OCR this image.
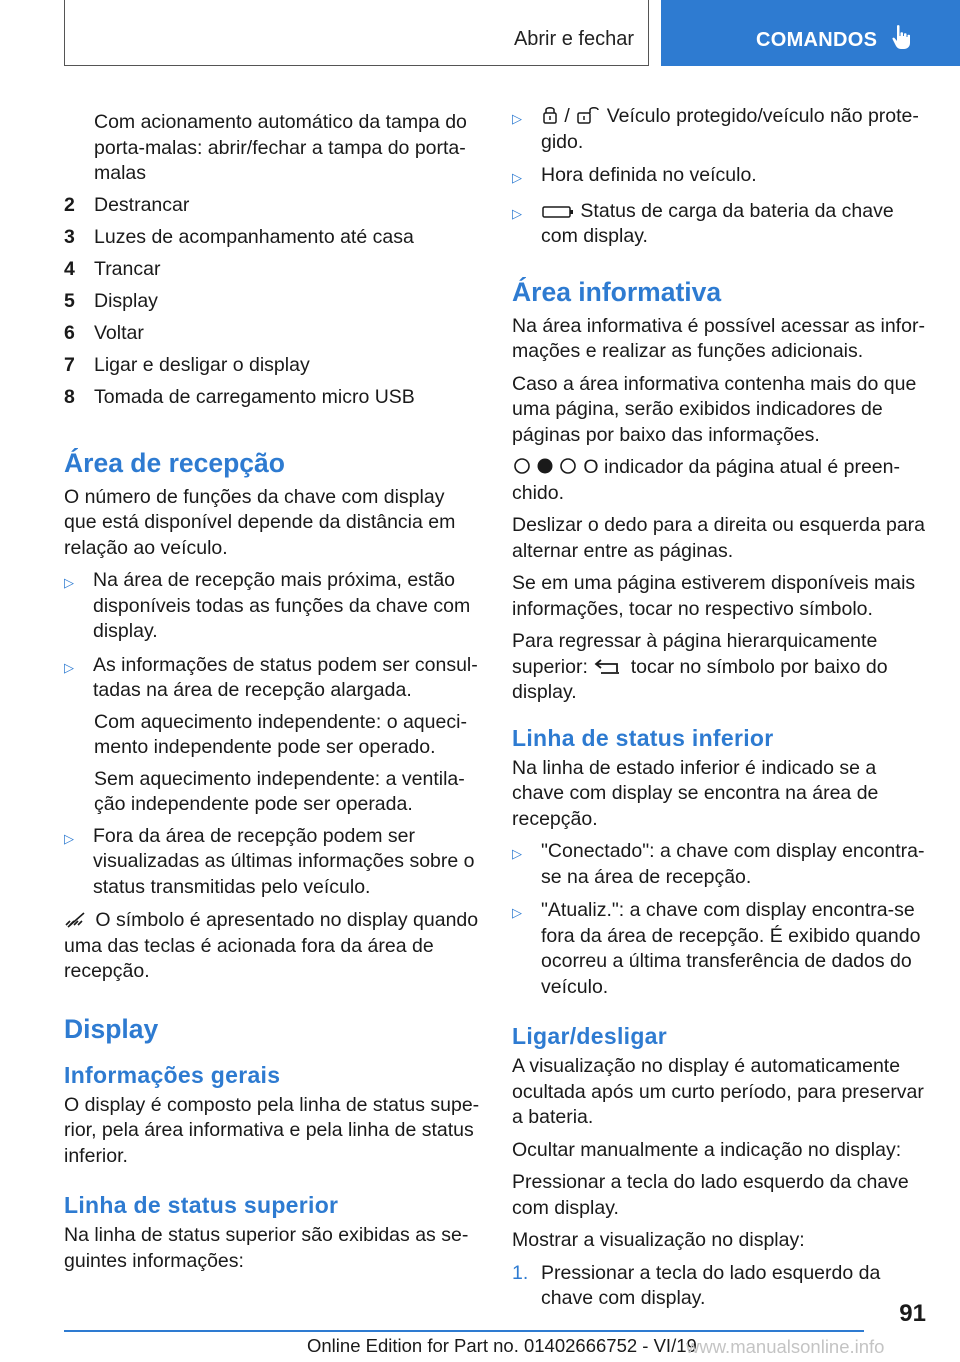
Abrir e fechar	COMANDOS

Com acionamento automático da tampa do porta-malas: abrir/fechar a tampa do porta-malas

2 Destrancar
3 Luzes de acompanhamento até casa
4 Trancar
5 Display
6 Voltar
7 Ligar e desligar o display
8 Tomada de carregamento micro USB
Área de recepção

O número de funções da chave com display que está disponível depende da distância em relação ao veículo.

▷ Na área de recepção mais próxima, estão disponíveis todas as funções da chave com display.
▷ As informações de status podem ser consultadas na área de recepção alargada.

Com aquecimento independente: o aquecimento independente pode ser operado.

Sem aquecimento independente: a ventilação independente pode ser operada.

▷ Fora da área de recepção podem ser visualizadas as últimas informações sobre o status transmitidas pelo veículo.

O símbolo é apresentado no display quando uma das teclas é acionada fora da área de recepção.

Display
Informações gerais

O display é composto pela linha de status superior, pela área informativa e pela linha de status inferior.

Linha de status superior

Na linha de status superior são exibidas as seguintes informações:

▷	/ Veículo protegido/veículo não protegido.
▷ Hora definida no veículo.
▷	Status de carga da bateria da chave com display.
Área informativa

Na área informativa é possível acessar as informações e realizar as funções adicionais.

Caso a área informativa contenha mais do que uma página, serão exibidos indicadores de páginas por baixo das informações.

O indicador da página atual é preenchido.

Deslizar o dedo para a direita ou esquerda para alternar entre as páginas.

Se em uma página estiverem disponíveis mais informações, tocar no respectivo símbolo.

Para regressar à página hierarquicamente superior: tocar no símbolo por baixo do display.

Linha de status inferior

Na linha de estado inferior é indicado se a chave com display se encontra na área de recepção.

▷ "Conectado": a chave com display encontra-se na área de recepção.
▷ "Atualiz.": a chave com display encontra-se fora da área de recepção. É exibido quando ocorreu a última transferência de dados do veículo.
Ligar/desligar

A visualização no display é automaticamente ocultada após um curto período, para preservar a bateria.

Ocultar manualmente a indicação no display:

Pressionar a tecla do lado esquerdo da chave com display.

Mostrar a visualização no display:

1. Pressionar a tecla do lado esquerdo da chave com display.
91
Online Edition for Part no. 01402666752 - VI/19
www.manualsonline.info
